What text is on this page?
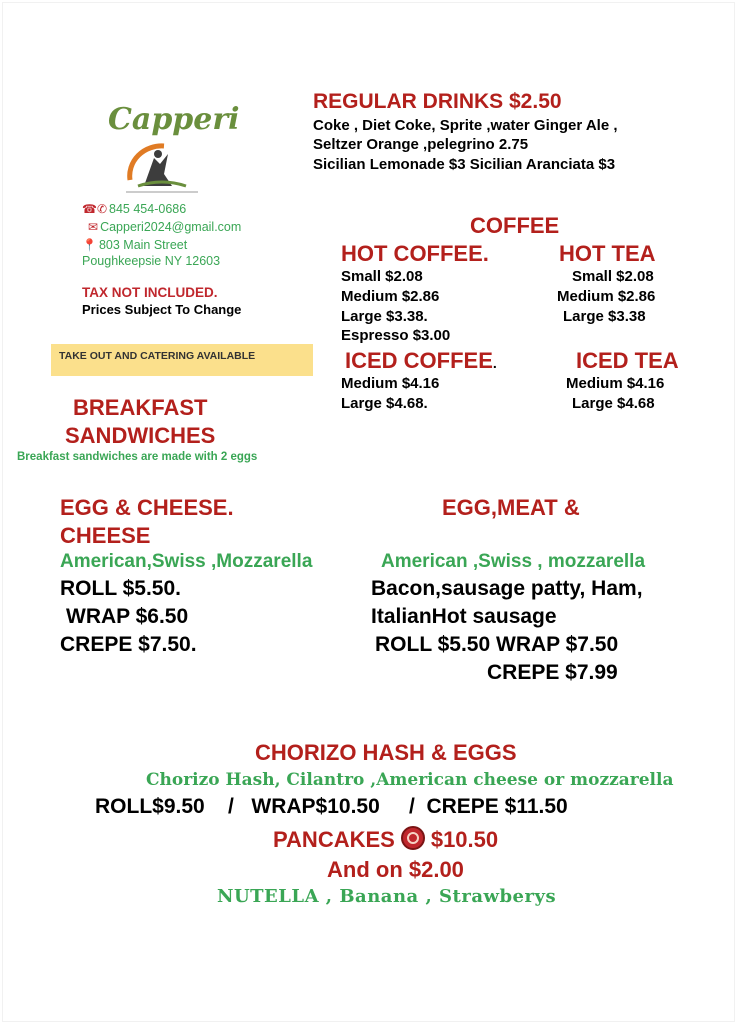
Capperi
☎✆ 845 454-0686
✉ Capperi2024@gmail.com
📍 803 Main Street
Poughkeepsie NY 12603
TAX NOT INCLUDED.
Prices Subject To Change
TAKE OUT AND CATERING AVAILABLE
REGULAR DRINKS $2.50
Coke , Diet Coke, Sprite ,water Ginger Ale ,
Seltzer Orange ,pelegrino 2.75
Sicilian Lemonade $3 Sicilian Aranciata $3
COFFEE
HOT COFFEE.	HOT TEA
Small $2.08
Medium $2.86
Large $3.38.
Espresso $3.00
Small $2.08
Medium $2.86
Large $3.38
ICED COFFEE.	ICED TEA
Medium $4.16
Large $4.68.
Medium $4.16
Large $4.68
BREAKFAST
SANDWICHES
Breakfast sandwiches are made with 2 eggs
EGG & CHEESE.
CHEESE
American,Swiss ,Mozzarella
ROLL $5.50.
WRAP $6.50
CREPE $7.50.
EGG,MEAT &
American ,Swiss , mozzarella
Bacon,sausage patty, Ham,
ItalianHot sausage
ROLL $5.50 WRAP $7.50
CREPE $7.99
CHORIZO HASH & EGGS
Chorizo Hash, Cilantro ,American cheese or mozzarella
ROLL$9.50    /   WRAP$10.50     /  CREPE $11.50
PANCAKES $10.50
And on $2.00
NUTELLA , Banana , Strawberys
